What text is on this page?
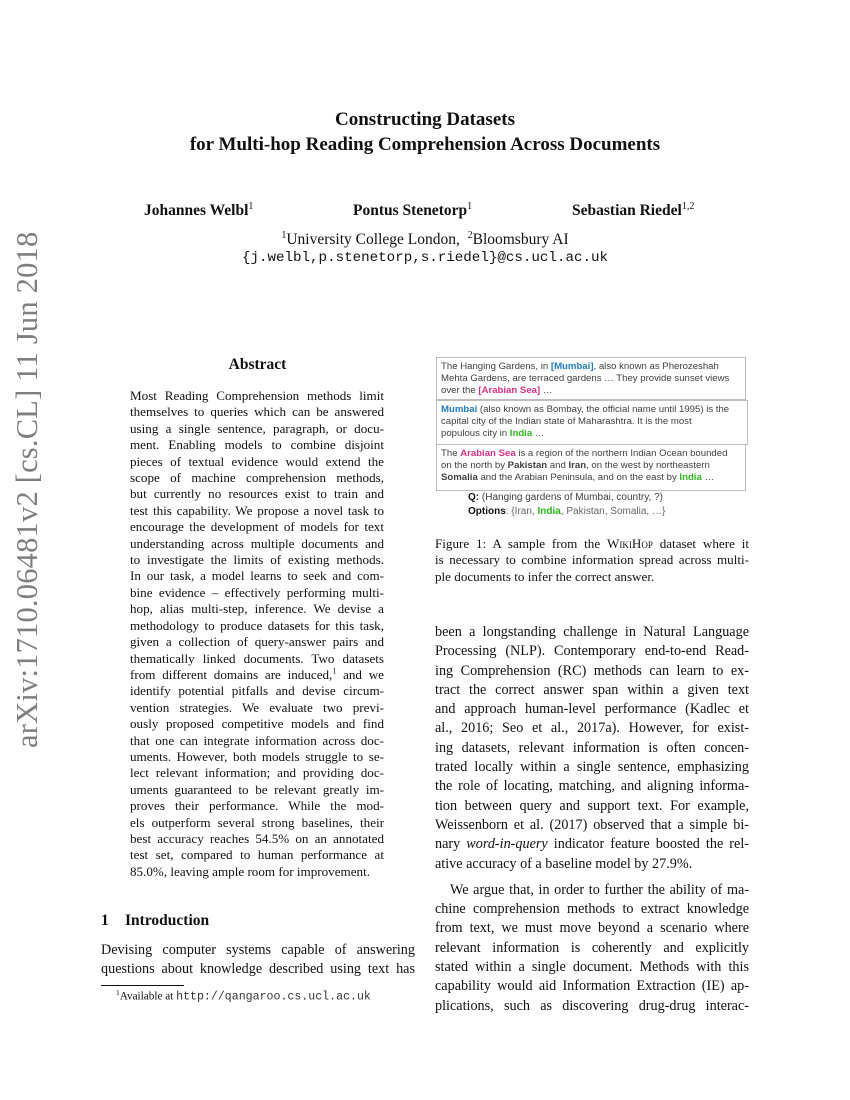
arXiv:1710.06481v2 [cs.CL] 11 Jun 2018
Constructing Datasets
for Multi-hop Reading Comprehension Across Documents
Johannes Welbl$^1$	Pontus Stenetorp$^1$	Sebastian Riedel$^{1,2}$
$^1$University College London, $^2$Bloomsbury AI
{j.welbl,p.stenetorp,s.riedel}@cs.ucl.ac.uk
Abstract
Most Reading Comprehension methods limit
themselves to queries which can be answered
using a single sentence, paragraph, or docu-
ment. Enabling models to combine disjoint
pieces of textual evidence would extend the
scope of machine comprehension methods,
but currently no resources exist to train and
test this capability. We propose a novel task to
encourage the development of models for text
understanding across multiple documents and
to investigate the limits of existing methods.
In our task, a model learns to seek and com-
bine evidence – effectively performing multi-
hop, alias multi-step, inference. We devise a
methodology to produce datasets for this task,
given a collection of query-answer pairs and
thematically linked documents. Two datasets
from different domains are induced,$^1$ and we
identify potential pitfalls and devise circum-
vention strategies. We evaluate two previ-
ously proposed competitive models and find
that one can integrate information across doc-
uments. However, both models struggle to se-
lect relevant information; and providing doc-
uments guaranteed to be relevant greatly im-
proves their performance. While the mod-
els outperform several strong baselines, their
best accuracy reaches 54.5% on an annotated
test set, compared to human performance at
85.0%, leaving ample room for improvement.
1 Introduction
Devising computer systems capable of answering
questions about knowledge described using text has
$^1$Available at http://qangaroo.cs.ucl.ac.uk
The Hanging Gardens, in [Mumbai], also known as Pherozeshah
Mehta Gardens, are terraced gardens … They provide sunset views
over the [Arabian Sea] …
Mumbai (also known as Bombay, the official name until 1995) is the
capital city of the Indian state of Maharashtra. It is the most
populous city in India …
The Arabian Sea is a region of the northern Indian Ocean bounded
on the north by Pakistan and Iran, on the west by northeastern
Somalia and the Arabian Peninsula, and on the east by India …
Q: (Hanging gardens of Mumbai, country, ?)
Options: {Iran, India, Pakistan, Somalia, …}
Figure 1: A sample from the WikiHop dataset where it
is necessary to combine information spread across multi-
ple documents to infer the correct answer.
been a longstanding challenge in Natural Language
Processing (NLP). Contemporary end-to-end Read-
ing Comprehension (RC) methods can learn to ex-
tract the correct answer span within a given text
and approach human-level performance (Kadlec et
al., 2016; Seo et al., 2017a). However, for exist-
ing datasets, relevant information is often concen-
trated locally within a single sentence, emphasizing
the role of locating, matching, and aligning informa-
tion between query and support text. For example,
Weissenborn et al. (2017) observed that a simple bi-
nary word-in-query indicator feature boosted the rel-
ative accuracy of a baseline model by 27.9%.
We argue that, in order to further the ability of ma-
chine comprehension methods to extract knowledge
from text, we must move beyond a scenario where
relevant information is coherently and explicitly
stated within a single document. Methods with this
capability would aid Information Extraction (IE) ap-
plications, such as discovering drug-drug interac-
